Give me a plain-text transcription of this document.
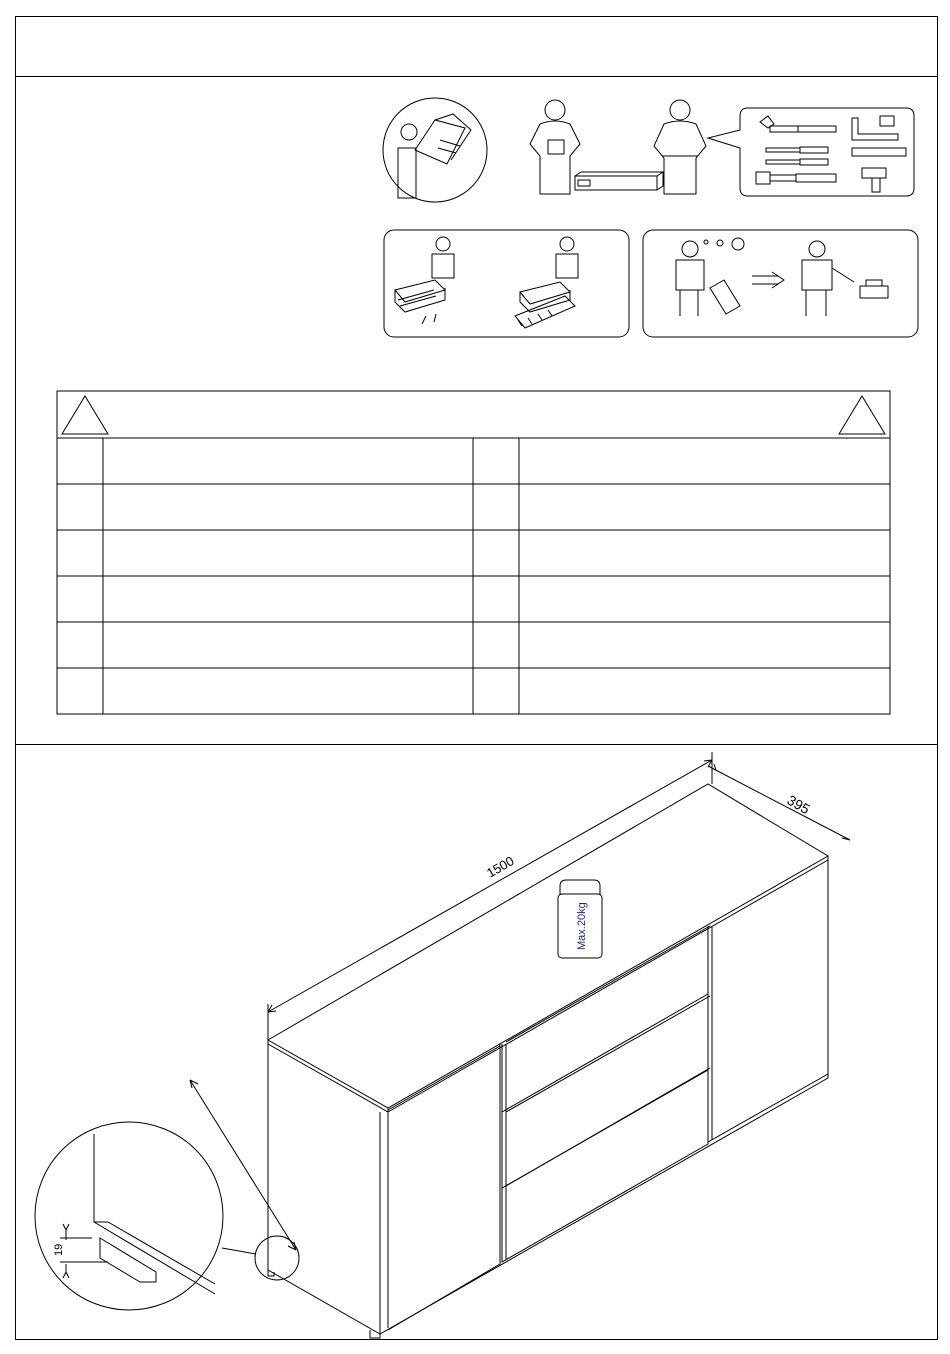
1500
395
Max.20kg
19
